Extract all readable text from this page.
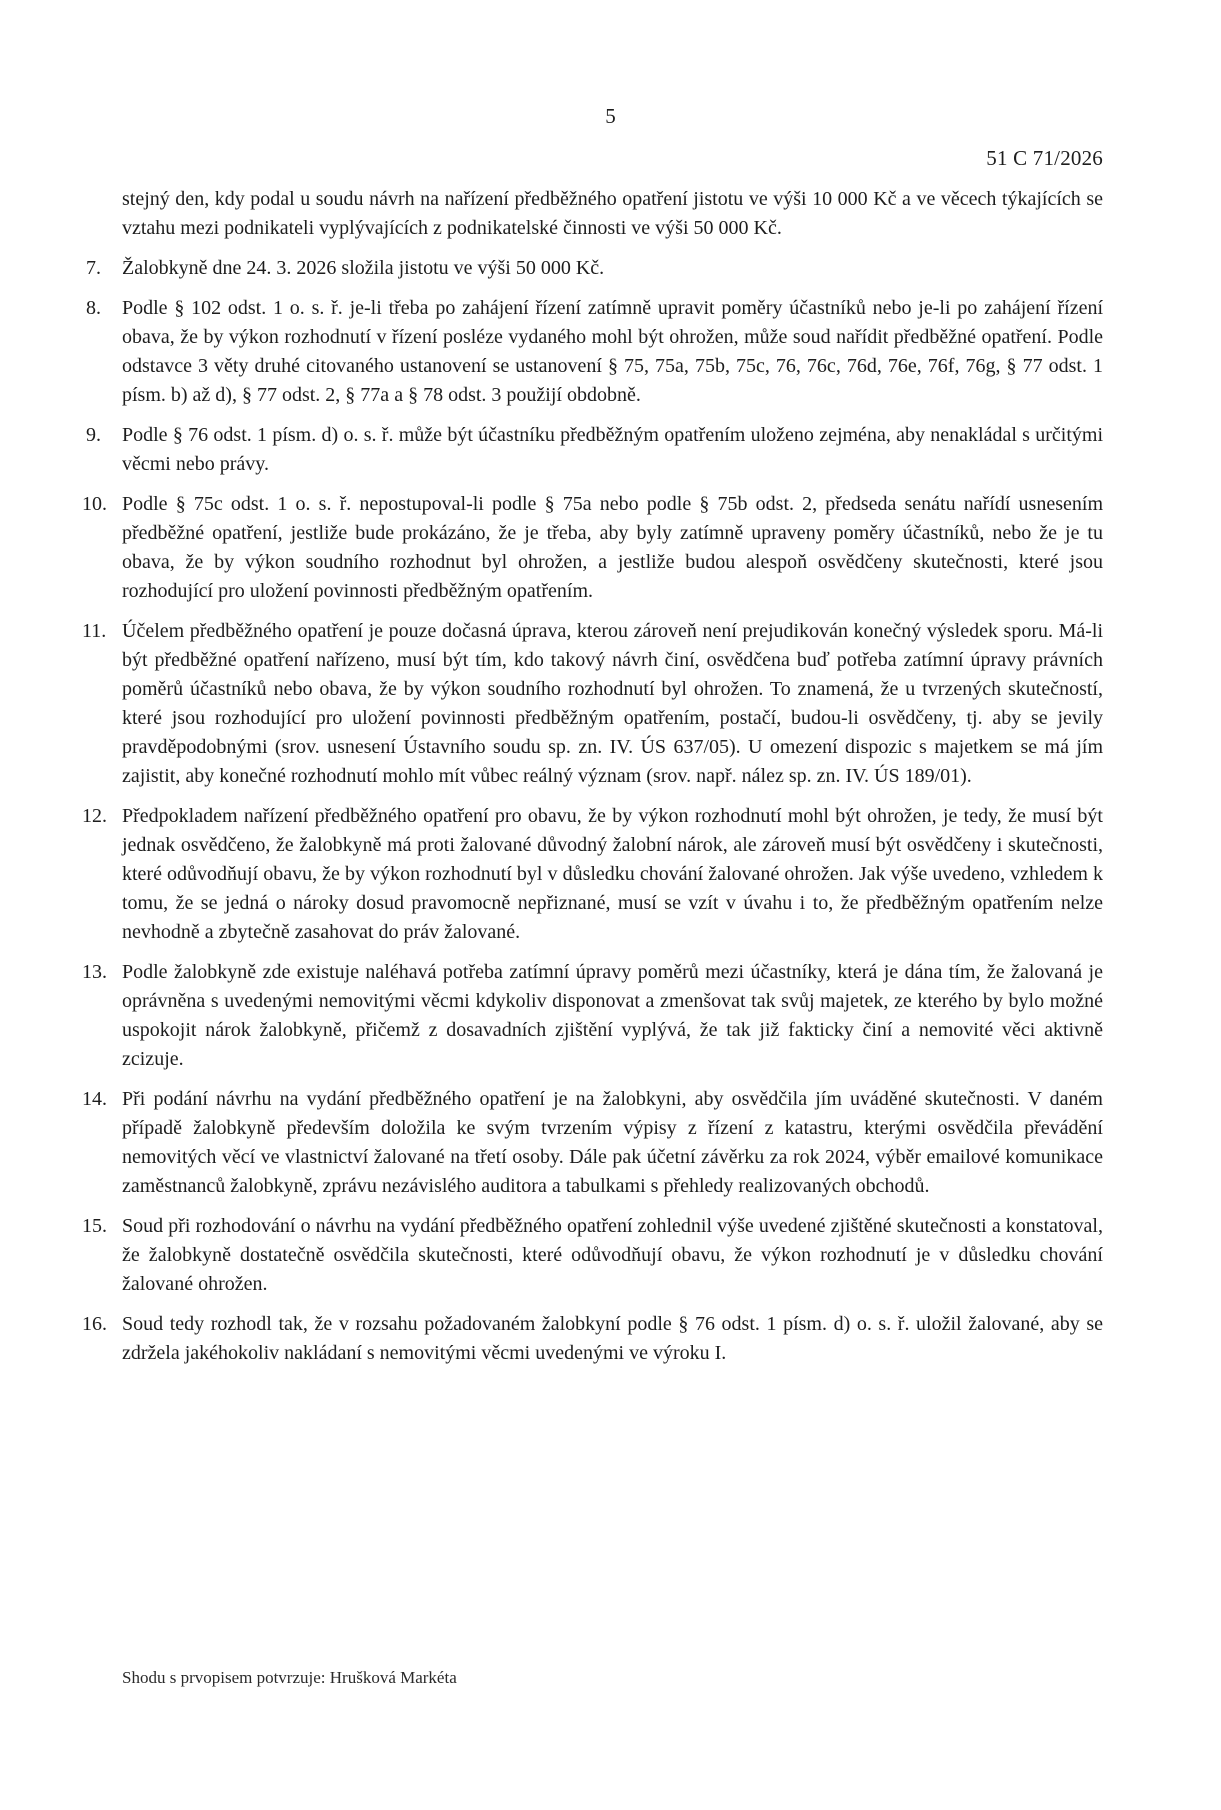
5
51 C 71/2026

stejný den, kdy podal u soudu návrh na nařízení předběžného opatření jistotu ve výši 10 000 Kč a ve věcech týkajících se vztahu mezi podnikateli vyplývajících z podnikatelské činnosti ve výši 50 000 Kč.

7.	Žalobkyně dne 24. 3. 2026 složila jistotu ve výši 50 000 Kč.
8.	Podle § 102 odst. 1 o. s. ř. je-li třeba po zahájení řízení zatímně upravit poměry účastníků nebo je-li po zahájení řízení obava, že by výkon rozhodnutí v řízení posléze vydaného mohl být ohrožen, může soud nařídit předběžné opatření. Podle odstavce 3 věty druhé citovaného ustanovení se ustanovení § 75, 75a, 75b, 75c, 76, 76c, 76d, 76e, 76f, 76g, § 77 odst. 1 písm. b) až d), § 77 odst. 2, § 77a a § 78 odst. 3 použijí obdobně.
9.	Podle § 76 odst. 1 písm. d) o. s. ř. může být účastníku předběžným opatřením uloženo zejména, aby nenakládal s určitými věcmi nebo právy.
10. Podle § 75c odst. 1 o. s. ř. nepostupoval-li podle § 75a nebo podle § 75b odst. 2, předseda senátu nařídí usnesením předběžné opatření, jestliže bude prokázáno, že je třeba, aby byly zatímně upraveny poměry účastníků, nebo že je tu obava, že by výkon soudního rozhodnut byl ohrožen, a jestliže budou alespoň osvědčeny skutečnosti, které jsou rozhodující pro uložení povinnosti předběžným opatřením.
11. Účelem předběžného opatření je pouze dočasná úprava, kterou zároveň není prejudikován konečný výsledek sporu. Má-li být předběžné opatření nařízeno, musí být tím, kdo takový návrh činí, osvědčena buď potřeba zatímní úpravy právních poměrů účastníků nebo obava, že by výkon soudního rozhodnutí byl ohrožen. To znamená, že u tvrzených skutečností, které jsou rozhodující pro uložení povinnosti předběžným opatřením, postačí, budou-li osvědčeny, tj. aby se jevily pravděpodobnými (srov. usnesení Ústavního soudu sp. zn. IV. ÚS 637/05). U omezení dispozic s majetkem se má jím zajistit, aby konečné rozhodnutí mohlo mít vůbec reálný význam (srov. např. nález sp. zn. IV. ÚS 189/01).
12. Předpokladem nařízení předběžného opatření pro obavu, že by výkon rozhodnutí mohl být ohrožen, je tedy, že musí být jednak osvědčeno, že žalobkyně má proti žalované důvodný žalobní nárok, ale zároveň musí být osvědčeny i skutečnosti, které odůvodňují obavu, že by výkon rozhodnutí byl v důsledku chování žalované ohrožen. Jak výše uvedeno, vzhledem k tomu, že se jedná o nároky dosud pravomocně nepřiznané, musí se vzít v úvahu i to, že předběžným opatřením nelze nevhodně a zbytečně zasahovat do práv žalované.
13. Podle žalobkyně zde existuje naléhavá potřeba zatímní úpravy poměrů mezi účastníky, která je dána tím, že žalovaná je oprávněna s uvedenými nemovitými věcmi kdykoliv disponovat a zmenšovat tak svůj majetek, ze kterého by bylo možné uspokojit nárok žalobkyně, přičemž z dosavadních zjištění vyplývá, že tak již fakticky činí a nemovité věci aktivně zcizuje.
14. Při podání návrhu na vydání předběžného opatření je na žalobkyni, aby osvědčila jím uváděné skutečnosti. V daném případě žalobkyně především doložila ke svým tvrzením výpisy z řízení z katastru, kterými osvědčila převádění nemovitých věcí ve vlastnictví žalované na třetí osoby. Dále pak účetní závěrku za rok 2024, výběr emailové komunikace zaměstnanců žalobkyně, zprávu nezávislého auditora a tabulkami s přehledy realizovaných obchodů.
15. Soud při rozhodování o návrhu na vydání předběžného opatření zohlednil výše uvedené zjištěné skutečnosti a konstatoval, že žalobkyně dostatečně osvědčila skutečnosti, které odůvodňují obavu, že výkon rozhodnutí je v důsledku chování žalované ohrožen.
16. Soud tedy rozhodl tak, že v rozsahu požadovaném žalobkyní podle § 76 odst. 1 písm. d) o. s. ř. uložil žalované, aby se zdržela jakéhokoliv nakládaní s nemovitými věcmi uvedenými ve výroku I.
Shodu s prvopisem potvrzuje: Hrušková Markéta
